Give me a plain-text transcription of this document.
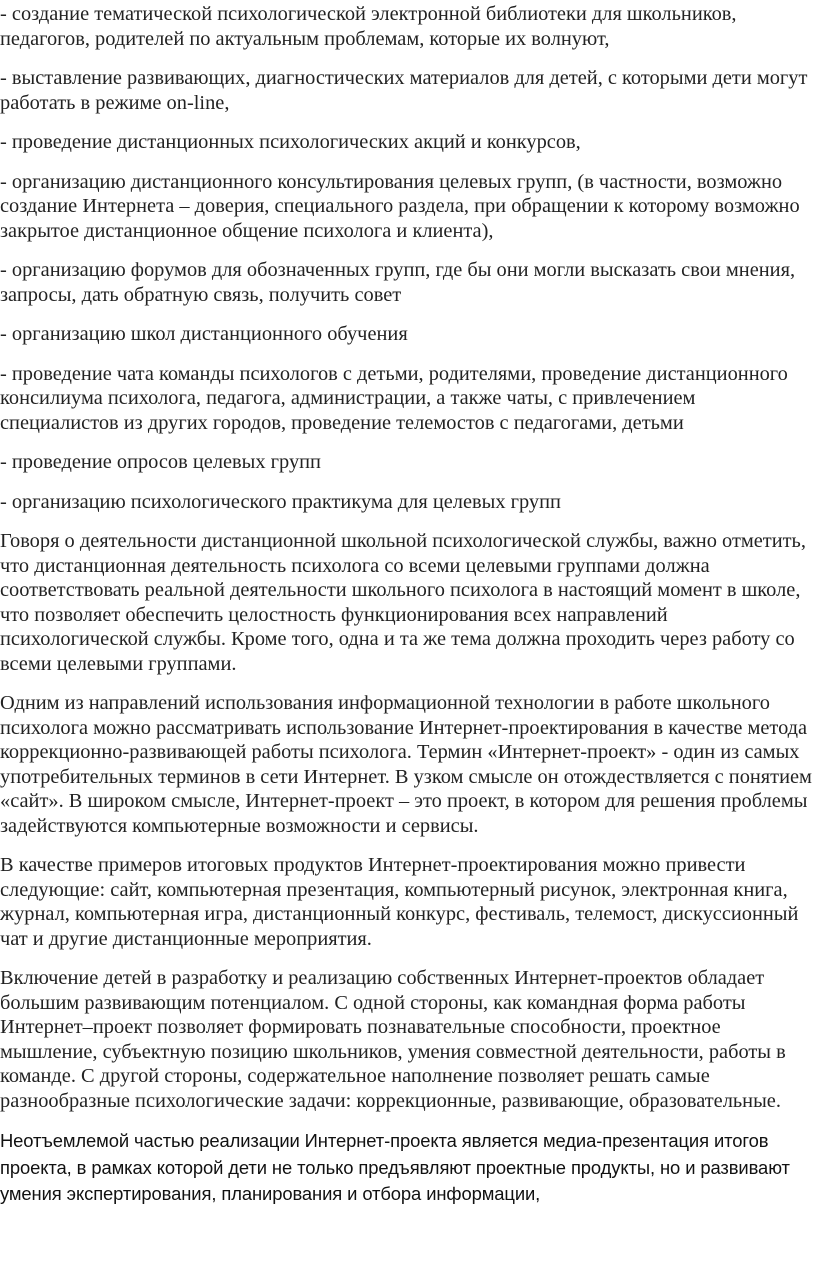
- создание тематической психологической электронной библиотеки для школьников, педагогов, родителей по актуальным проблемам, которые их волнуют,

- выставление развивающих, диагностических материалов для детей, с которыми дети могут работать в режиме on-line,

- проведение дистанционных психологических акций и конкурсов,

- организацию дистанционного консультирования целевых групп, (в частности, возможно создание Интернета – доверия, специального раздела, при обращении к которому возможно закрытое дистанционное общение психолога и клиента),

- организацию форумов для обозначенных групп, где бы они могли высказать свои мнения, запросы, дать обратную связь, получить совет

- организацию школ дистанционного обучения

- проведение чата команды психологов с детьми, родителями, проведение дистанционного консилиума психолога, педагога, администрации, а также чаты, с привлечением специалистов из других городов, проведение телемостов с педагогами, детьми

- проведение опросов целевых групп

- организацию психологического практикума для целевых групп

Говоря о деятельности дистанционной школьной психологической службы, важно отметить, что дистанционная деятельность психолога со всеми целевыми группами должна соответствовать реальной деятельности школьного психолога в настоящий момент в школе, что позволяет обеспечить целостность функционирования всех направлений психологической службы. Кроме того, одна и та же тема должна проходить через работу со всеми целевыми группами.

Одним из направлений использования информационной технологии в работе школьного психолога можно рассматривать использование Интернет-проектирования в качестве метода коррекционно-развивающей работы психолога. Термин «Интернет-проект» - один из самых употребительных терминов в сети Интернет. В узком смысле он отождествляется с понятием «сайт». В широком смысле, Интернет-проект – это проект, в котором для решения проблемы задействуются компьютерные возможности и сервисы.

В качестве примеров итоговых продуктов Интернет-проектирования можно привести следующие: сайт, компьютерная презентация, компьютерный рисунок, электронная книга, журнал, компьютерная игра, дистанционный конкурс, фестиваль, телемост, дискуссионный чат и другие дистанционные мероприятия.

Включение детей в разработку и реализацию собственных Интернет-проектов обладает большим развивающим потенциалом. С одной стороны, как командная форма работы Интернет–проект позволяет формировать познавательные способности, проектное мышление, субъектную позицию школьников, умения совместной деятельности, работы в команде. С другой стороны, содержательное наполнение позволяет решать самые разнообразные психологические задачи: коррекционные, развивающие, образовательные.

Неотъемлемой частью реализации Интернет-проекта является медиа-презентация итогов проекта, в рамках которой дети не только предъявляют проектные продукты, но и развивают умения экспертирования, планирования и отбора информации,
